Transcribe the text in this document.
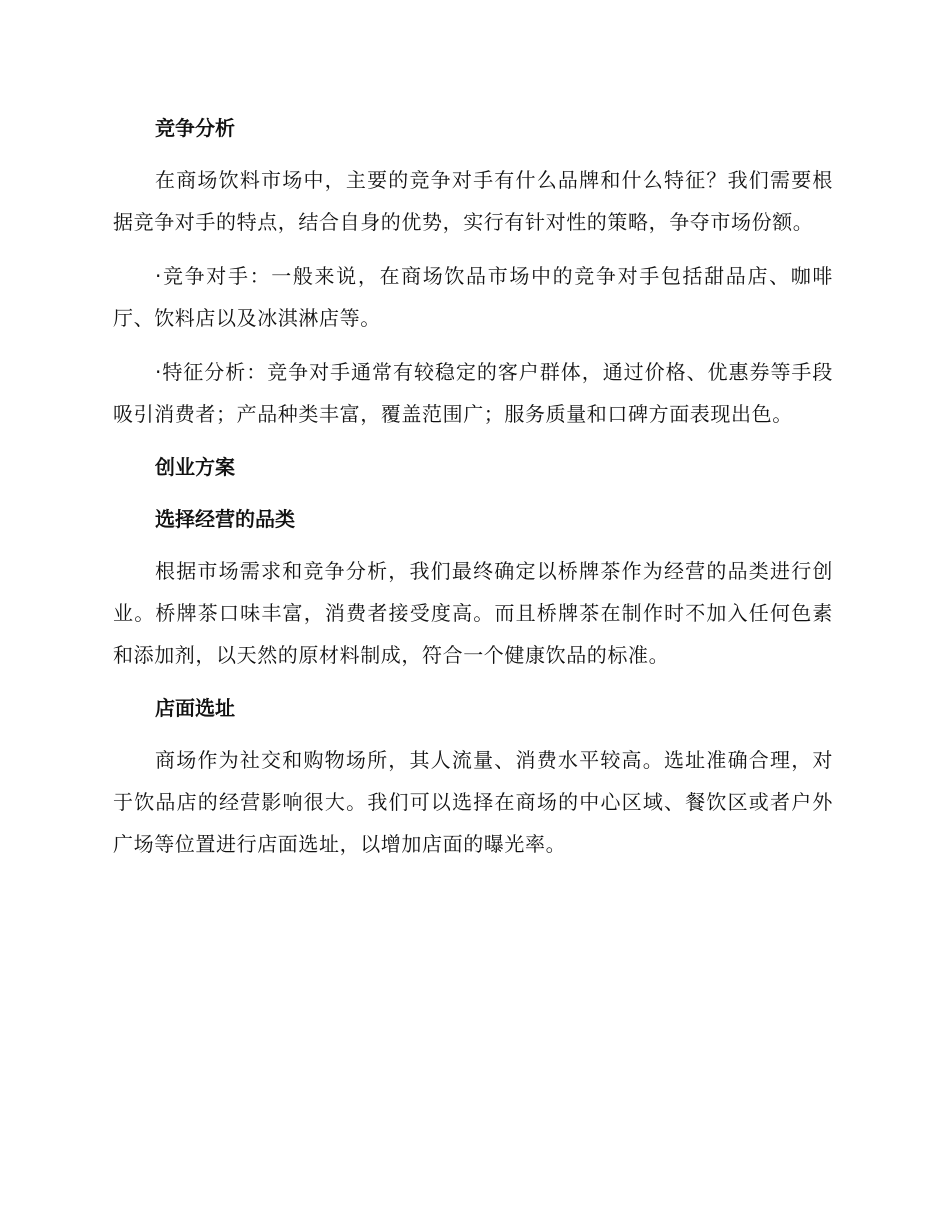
竞争分析

在商场饮料市场中，主要的竞争对手有什么品牌和什么特征？我们需要根据竞争对手的特点，结合自身的优势，实行有针对性的策略，争夺市场份额。

·竞争对手：一般来说，在商场饮品市场中的竞争对手包括甜品店、咖啡厅、饮料店以及冰淇淋店等。

·特征分析：竞争对手通常有较稳定的客户群体，通过价格、优惠券等手段吸引消费者；产品种类丰富，覆盖范围广；服务质量和口碑方面表现出色。

创业方案
选择经营的品类

根据市场需求和竞争分析，我们最终确定以桥牌茶作为经营的品类进行创业。桥牌茶口味丰富，消费者接受度高。而且桥牌茶在制作时不加入任何色素和添加剂，以天然的原材料制成，符合一个健康饮品的标准。

店面选址

商场作为社交和购物场所，其人流量、消费水平较高。选址准确合理，对于饮品店的经营影响很大。我们可以选择在商场的中心区域、餐饮区或者户外广场等位置进行店面选址，以增加店面的曝光率。
